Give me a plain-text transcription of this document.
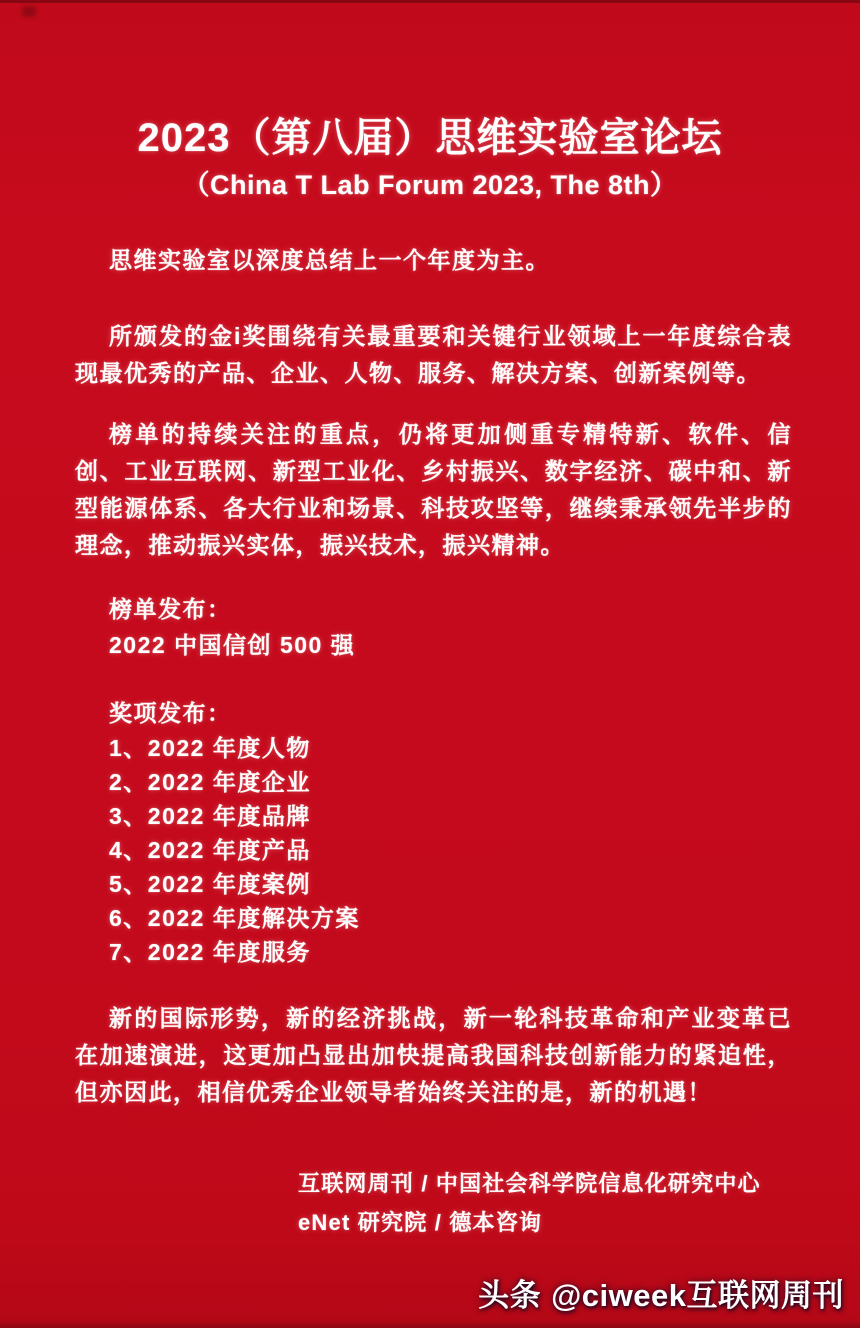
2023（第八届）思维实验室论坛
（China T Lab Forum 2023, The 8th）

思维实验室以深度总结上一个年度为主。

所颁发的金i奖围绕有关最重要和关键行业领域上一年度综合表现最优秀的产品、企业、人物、服务、解决方案、创新案例等。

榜单的持续关注的重点，仍将更加侧重专精特新、软件、信创、工业互联网、新型工业化、乡村振兴、数字经济、碳中和、新型能源体系、各大行业和场景、科技攻坚等，继续秉承领先半步的理念，推动振兴实体，振兴技术，振兴精神。

榜单发布：
2022 中国信创 500 强
奖项发布：
1、2022 年度人物
2、2022 年度企业
3、2022 年度品牌
4、2022 年度产品
5、2022 年度案例
6、2022 年度解决方案
7、2022 年度服务

新的国际形势，新的经济挑战，新一轮科技革命和产业变革已在加速演进，这更加凸显出加快提高我国科技创新能力的紧迫性，但亦因此，相信优秀企业领导者始终关注的是，新的机遇！

互联网周刊 / 中国社会科学院信息化研究中心
eNet 研究院 / 德本咨询
头条 @ciweek互联网周刊
